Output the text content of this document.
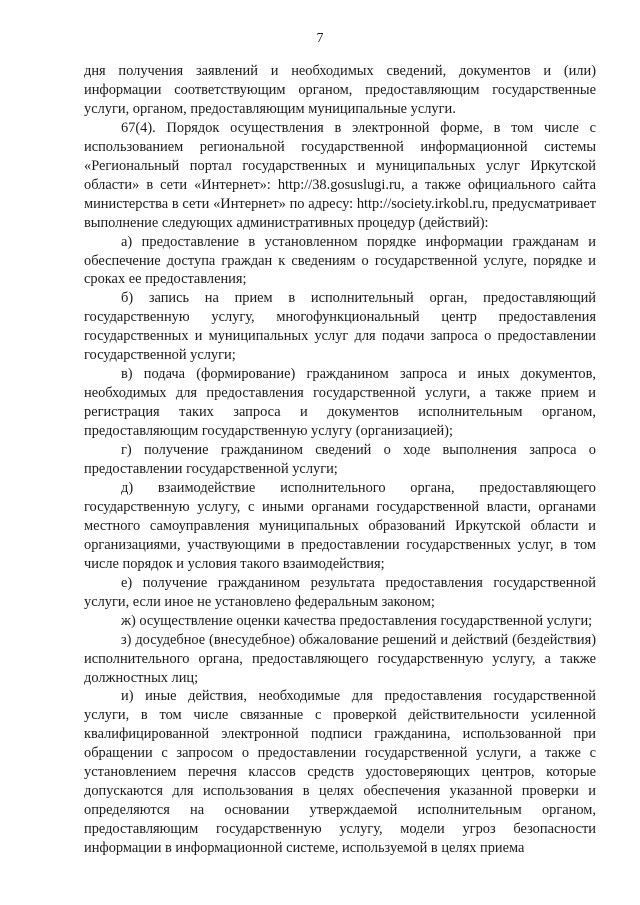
7

дня получения заявлений и необходимых сведений, документов и (или) информации соответствующим органом, предоставляющим государственные услуги, органом, предоставляющим муниципальные услуги.

67(4). Порядок осуществления в электронной форме, в том числе с использованием региональной государственной информационной системы «Региональный портал государственных и муниципальных услуг Иркутской области» в сети «Интернет»: http://38.gosuslugi.ru, а также официального сайта министерства в сети «Интернет» по адресу: http://society.irkobl.ru, предусматривает выполнение следующих административных процедур (действий):

а) предоставление в установленном порядке информации гражданам и обеспечение доступа граждан к сведениям о государственной услуге, порядке и сроках ее предоставления;

б) запись на прием в исполнительный орган, предоставляющий государственную услугу, многофункциональный центр предоставления государственных и муниципальных услуг для подачи запроса о предоставлении государственной услуги;

в) подача (формирование) гражданином запроса и иных документов, необходимых для предоставления государственной услуги, а также прием и регистрация таких запроса и документов исполнительным органом, предоставляющим государственную услугу (организацией);

г) получение гражданином сведений о ходе выполнения запроса о предоставлении государственной услуги;

д) взаимодействие исполнительного органа, предоставляющего государственную услугу, с иными органами государственной власти, органами местного самоуправления муниципальных образований Иркутской области и организациями, участвующими в предоставлении государственных услуг, в том числе порядок и условия такого взаимодействия;

е) получение гражданином результата предоставления государственной услуги, если иное не установлено федеральным законом;

ж) осуществление оценки качества предоставления государственной услуги;

з) досудебное (внесудебное) обжалование решений и действий (бездействия) исполнительного органа, предоставляющего государственную услугу, а также должностных лиц;

и) иные действия, необходимые для предоставления государственной услуги, в том числе связанные с проверкой действительности усиленной квалифицированной электронной подписи гражданина, использованной при обращении с запросом о предоставлении государственной услуги, а также с установлением перечня классов средств удостоверяющих центров, которые допускаются для использования в целях обеспечения указанной проверки и определяются на основании утверждаемой исполнительным органом, предоставляющим государственную услугу, модели угроз безопасности информации в информационной системе, используемой в целях приема
